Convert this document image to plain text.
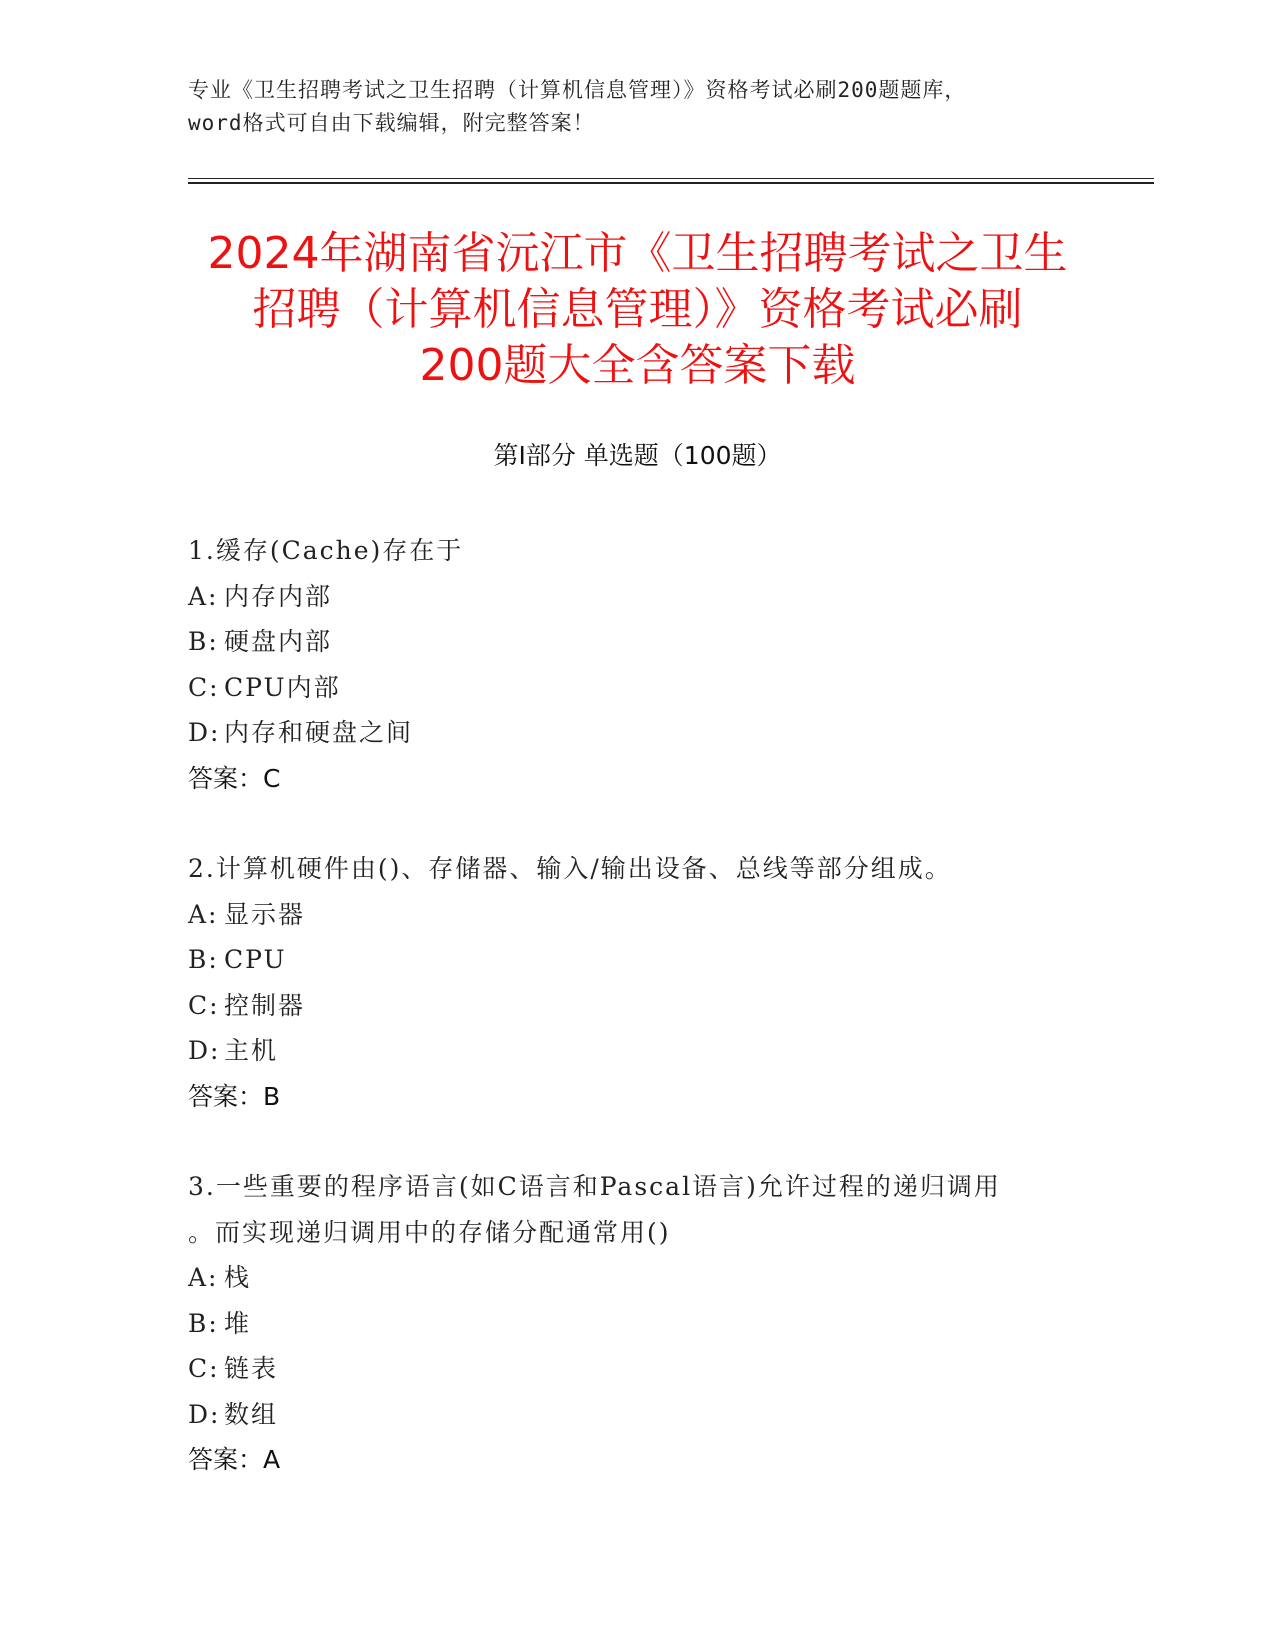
专业《卫生招聘考试之卫生招聘（计算机信息管理）》资格考试必刷200题题库，
word格式可自由下载编辑，附完整答案！
2024年湖南省沅江市《卫生招聘考试之卫生
招聘（计算机信息管理）》资格考试必刷
200题大全含答案下载
第Ⅰ部分 单选题（100题）
1.缓存(Cache)存在于
A: 内存内部
B: 硬盘内部
C: CPU内部
D: 内存和硬盘之间
答案：C
2.计算机硬件由()、存储器、输入/输出设备、总线等部分组成。
A: 显示器
B: CPU
C: 控制器
D: 主机
答案：B
3.一些重要的程序语言(如C语言和Pascal语言)允许过程的递归调用
。而实现递归调用中的存储分配通常用()
A: 栈
B: 堆
C: 链表
D: 数组
答案：A
